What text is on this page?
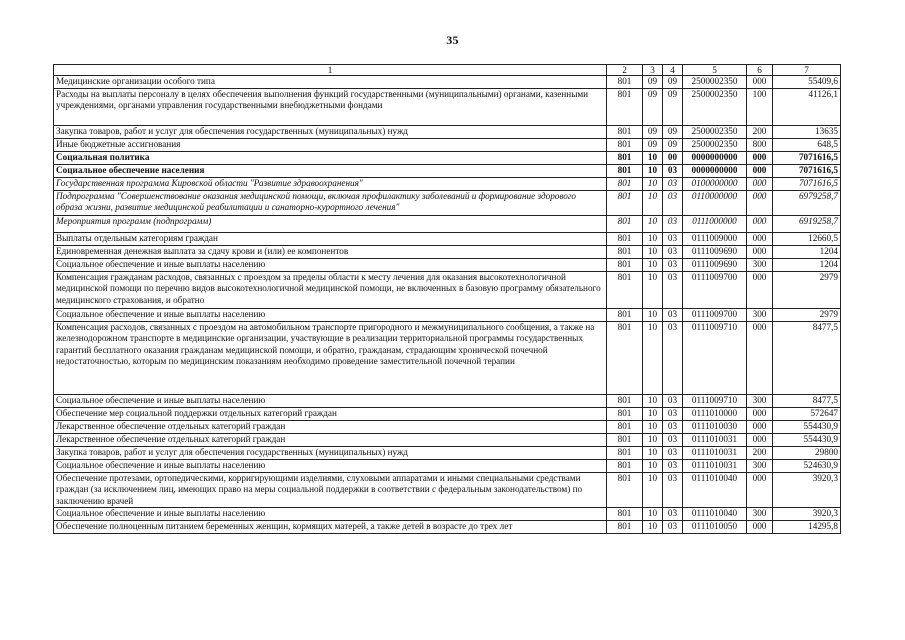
35
1	2	3	4	5	6	7
Медицинские организации особого типа	801	09	09	2500002350	000	55409,6
Расходы на выплаты персоналу в целях обеспечения выполнения функций государственными (муниципальными) органами, казенными учреждениями, органами управления государственными внебюджетными фондами	801	09	09	2500002350	100	41126,1
Закупка товаров, работ и услуг для обеспечения государственных (муниципальных) нужд	801	09	09	2500002350	200	13635
Иные бюджетные ассигнования	801	09	09	2500002350	800	648,5
Социальная политика	801	10	00	0000000000	000	7071616,5
Социальное обеспечение населения	801	10	03	0000000000	000	7071616,5
Государственная программа Кировской области "Развитие здравоохранения"	801	10	03	0100000000	000	7071616,5
Подпрограмма "Совершенствование оказания медицинской помощи, включая профилактику заболеваний и формирование здорового образа жизни, развитие медицинской реабилитации и санаторно-курортного лечения"	801	10	03	0110000000	000	6979258,7
Мероприятия программ (подпрограмм)	801	10	03	0111000000	000	6919258,7
Выплаты отдельным категориям граждан	801	10	03	0111009000	000	12660,5
Единовременная денежная выплата за сдачу крови и (или) ее компонентов	801	10	03	0111009690	000	1204
Социальное обеспечение и иные выплаты населению	801	10	03	0111009690	300	1204
Компенсация гражданам расходов, связанных с проездом за пределы области к месту лечения для оказания высокотехнологичной медицинской помощи по перечню видов высокотехнологичной медицинской помощи, не включенных в базовую программу обязательного медицинского страхования, и обратно	801	10	03	0111009700	000	2979
Социальное обеспечение и иные выплаты населению	801	10	03	0111009700	300	2979
Компенсация расходов, связанных с проездом на автомобильном транспорте пригородного и межмуниципального сообщения, а также на железнодорожном транспорте в медицинские организации, участвующие в реализации территориальной программы государственных гарантий бесплатного оказания гражданам медицинской помощи, и обратно, гражданам, страдающим хронической почечной недостаточностью, которым по медицинским показаниям необходимо проведение заместительной почечной терапии	801	10	03	0111009710	000	8477,5
Социальное обеспечение и иные выплаты населению	801	10	03	0111009710	300	8477,5
Обеспечение мер социальной поддержки отдельных категорий граждан	801	10	03	0111010000	000	572647
Лекарственное обеспечение отдельных категорий граждан	801	10	03	0111010030	000	554430,9
Лекарственное обеспечение отдельных категорий граждан	801	10	03	0111010031	000	554430,9
Закупка товаров, работ и услуг для обеспечения государственных (муниципальных) нужд	801	10	03	0111010031	200	29800
Социальное обеспечение и иные выплаты населению	801	10	03	0111010031	300	524630,9
Обеспечение протезами, ортопедическими, корригирующими изделиями, слуховыми аппаратами и иными специальными средствами граждан (за исключением лиц, имеющих право на меры социальной поддержки в соответствии с федеральным законодательством) по заключению врачей	801	10	03	0111010040	000	3920,3
Социальное обеспечение и иные выплаты населению	801	10	03	0111010040	300	3920,3
Обеспечение полноценным питанием беременных женщин, кормящих матерей, а также детей в возрасте до трех лет	801	10	03	0111010050	000	14295,8
